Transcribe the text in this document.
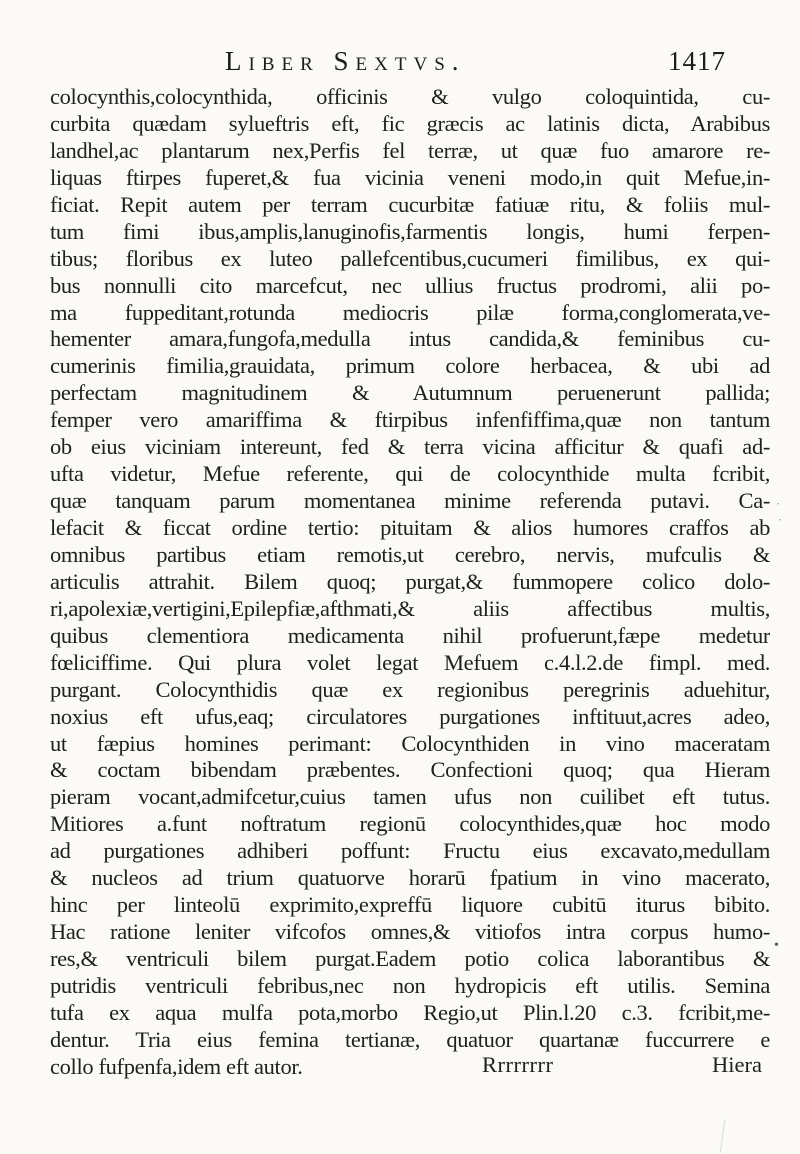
Liber Sextvs.	1417
colocynthis,colocynthida, officinis & vulgo coloquintida, cu-
curbita quædam sylueftris eft, fic græcis ac latinis dicta, Arabibus
landhel,ac plantarum nex,Perfis fel terræ, ut quæ fuo amarore re-
liquas ftirpes fuperet,& fua vicinia veneni modo,in quit Mefue,in-
ficiat. Repit autem per terram cucurbitæ fatiuæ ritu, & foliis mul-
tum fimi ibus,amplis,lanuginofis,farmentis longis, humi ferpen-
tibus; floribus ex luteo pallefcentibus,cucumeri fimilibus, ex qui-
bus nonnulli cito marcefcut, nec ullius fructus prodromi, alii po-
ma fuppeditant,rotunda mediocris pilæ forma,conglomerata,ve-
hementer amara,fungofa,medulla intus candida,& feminibus cu-
cumerinis fimilia,grauidata, primum colore herbacea, & ubi ad
perfectam magnitudinem & Autumnum peruenerunt pallida;
femper vero amariffima & ftirpibus infenfiffima,quæ non tantum
ob eius viciniam intereunt, fed & terra vicina afficitur & quafi ad-
ufta videtur, Mefue referente, qui de colocynthide multa fcribit,
quæ tanquam parum momentanea minime referenda putavi. Ca-
lefacit & ficcat ordine tertio: pituitam & alios humores craffos ab
omnibus partibus etiam remotis,ut cerebro, nervis, mufculis &
articulis attrahit. Bilem quoq; purgat,& fummopere colico dolo-
ri,apolexiæ,vertigini,Epilepfiæ,afthmati,& aliis affectibus multis,
quibus clementiora medicamenta nihil profuerunt,fæpe medetur
fœliciffime. Qui plura volet legat Mefuem c.4.l.2.de fimpl. med.
purgant. Colocynthidis quæ ex regionibus peregrinis aduehitur,
noxius eft ufus,eaq; circulatores purgationes inftituut,acres adeo,
ut fæpius homines perimant: Colocynthiden in vino maceratam
& coctam bibendam præbentes. Confectioni quoq; qua Hieram
pieram vocant,admifcetur,cuius tamen ufus non cuilibet eft tutus.
Mitiores a.funt noftratum regionū colocynthides,quæ hoc modo
ad purgationes adhiberi poffunt: Fructu eius excavato,medullam
& nucleos ad trium quatuorve horarū fpatium in vino macerato,
hinc per linteolū exprimito,expreffū liquore cubitū iturus bibito.
Hac ratione leniter vifcofos omnes,& vitiofos intra corpus humo-
res,& ventriculi bilem purgat.Eadem potio colica laborantibus &
putridis ventriculi febribus,nec non hydropicis eft utilis. Semina
tufa ex aqua mulfa pota,morbo Regio,ut Plin.l.20 c.3. fcribit,me-
dentur. Tria eius femina tertianæ, quatuor quartanæ fuccurrere e
collo fufpenfa,idem eft autor.	Rrrrrrrr	Hiera
·
·
•
